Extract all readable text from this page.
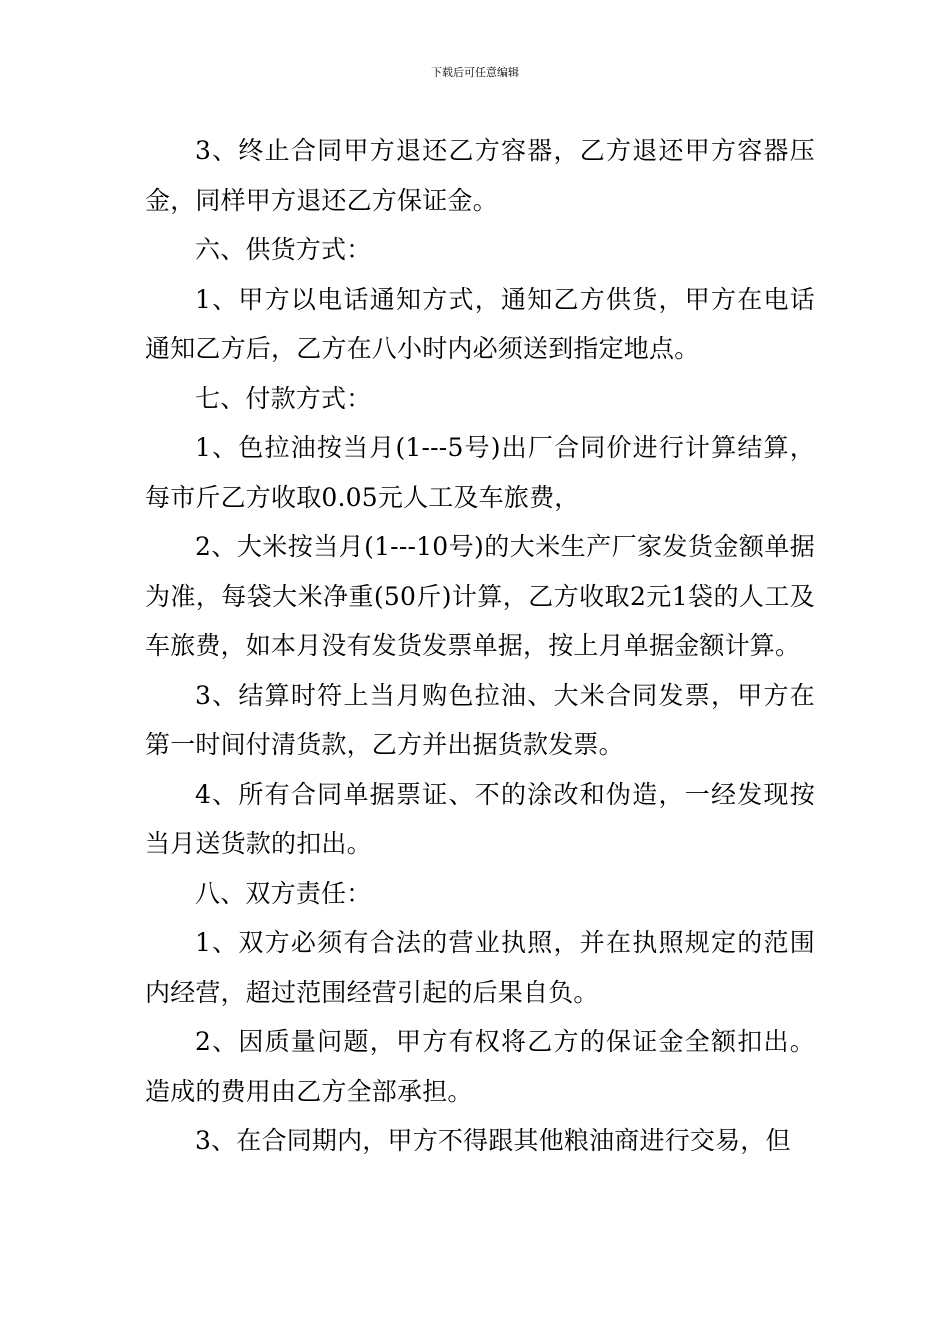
下载后可任意编辑

3、终止合同甲方退还乙方容器，乙方退还甲方容器压金，同样甲方退还乙方保证金。

六、供货方式：

1、甲方以电话通知方式，通知乙方供货，甲方在电话通知乙方后，乙方在八小时内必须送到指定地点。

七、付款方式：

1、色拉油按当月(1---5号)出厂合同价进行计算结算，每市斤乙方收取0.05元人工及车旅费，

2、大米按当月(1---10号)的大米生产厂家发货金额单据为准，每袋大米净重(50斤)计算，乙方收取2元1袋的人工及车旅费，如本月没有发货发票单据，按上月单据金额计算。

3、结算时符上当月购色拉油、大米合同发票，甲方在第一时间付清货款，乙方并出据货款发票。

4、所有合同单据票证、不的涂改和伪造，一经发现按当月送货款的扣出。

八、双方责任：

1、双方必须有合法的营业执照，并在执照规定的范围内经营，超过范围经营引起的后果自负。

2、因质量问题，甲方有权将乙方的保证金全额扣出。造成的费用由乙方全部承担。

3、在合同期内，甲方不得跟其他粮油商进行交易，但
